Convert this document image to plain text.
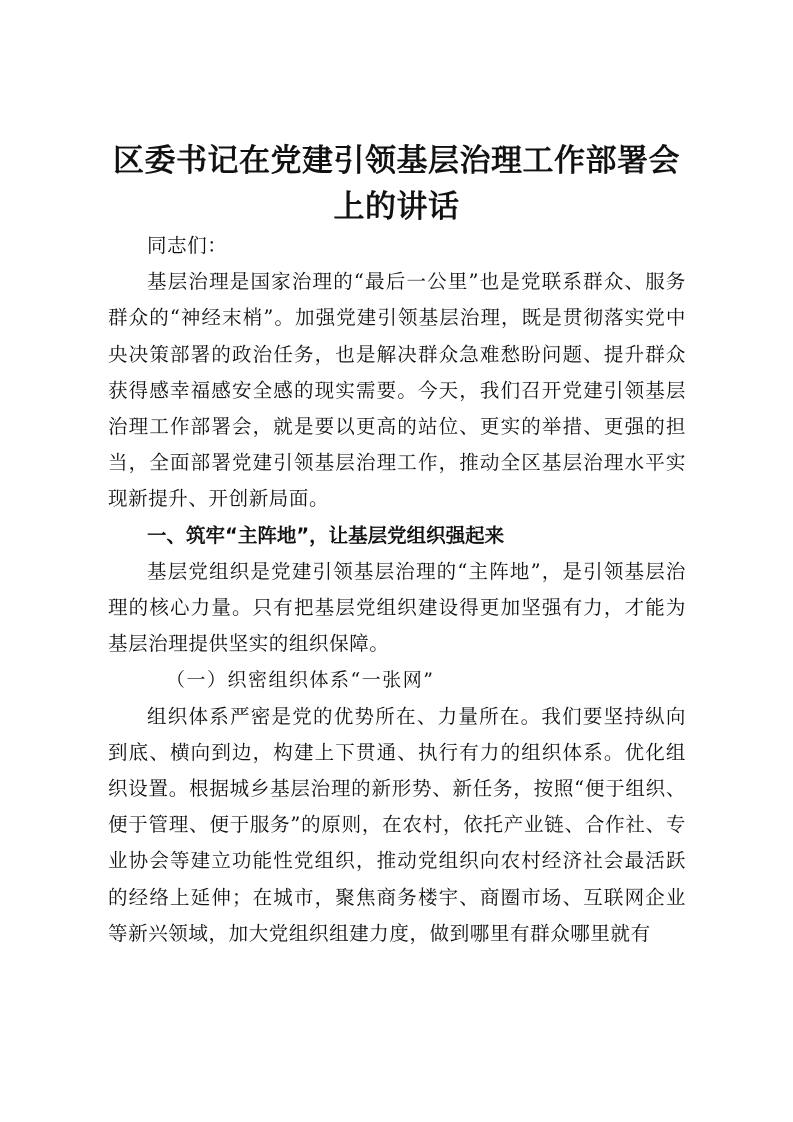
区委书记在党建引领基层治理工作部署会上的讲话

同志们：

基层治理是国家治理的“最后一公里”也是党联系群众、服务群众的“神经末梢”。加强党建引领基层治理，既是贯彻落实党中央决策部署的政治任务，也是解决群众急难愁盼问题、提升群众获得感幸福感安全感的现实需要。今天，我们召开党建引领基层治理工作部署会，就是要以更高的站位、更实的举措、更强的担当，全面部署党建引领基层治理工作，推动全区基层治理水平实现新提升、开创新局面。

一、筑牢“主阵地”，让基层党组织强起来

基层党组织是党建引领基层治理的“主阵地”，是引领基层治理的核心力量。只有把基层党组织建设得更加坚强有力，才能为基层治理提供坚实的组织保障。

（一）织密组织体系“一张网”

组织体系严密是党的优势所在、力量所在。我们要坚持纵向到底、横向到边，构建上下贯通、执行有力的组织体系。优化组织设置。根据城乡基层治理的新形势、新任务，按照“便于组织、便于管理、便于服务”的原则，在农村，依托产业链、合作社、专业协会等建立功能性党组织，推动党组织向农村经济社会最活跃的经络上延伸；在城市，聚焦商务楼宇、商圈市场、互联网企业等新兴领域，加大党组织组建力度，做到哪里有群众哪里就有
